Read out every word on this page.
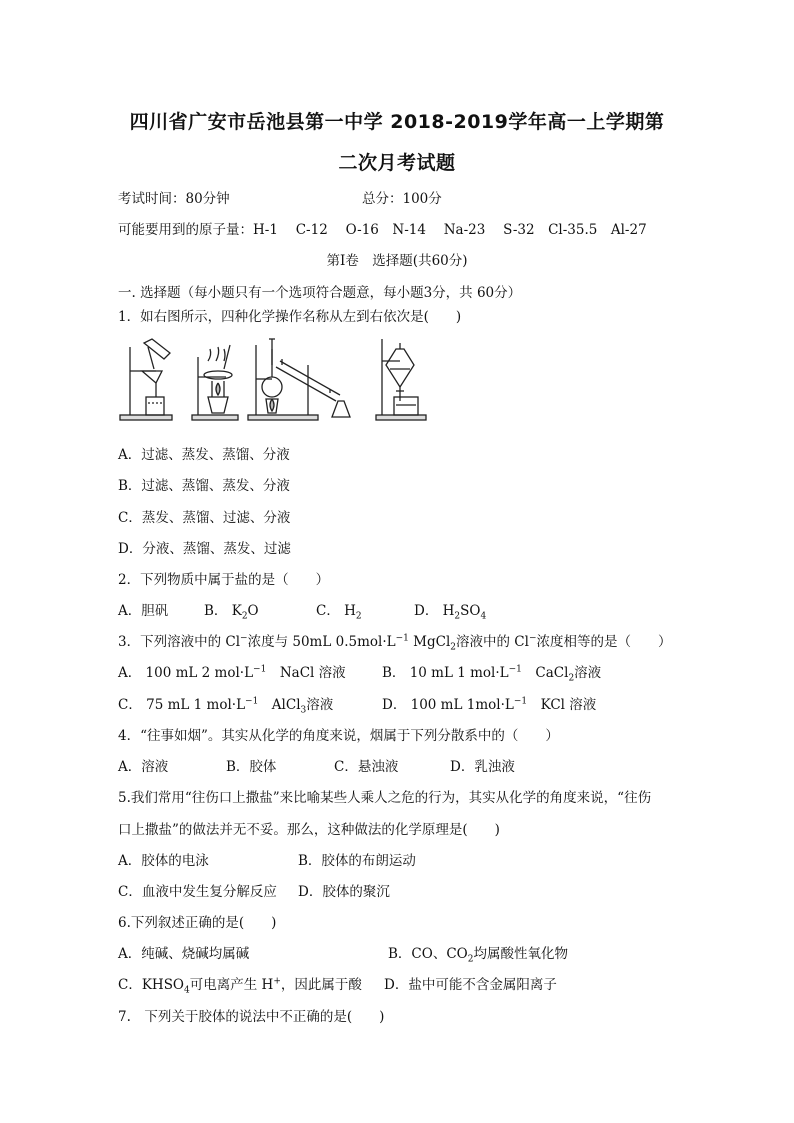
四川省广安市岳池县第一中学 2018-2019学年高一上学期第
二次月考试题
考试时间：80分钟	总分：100分
可能要用到的原子量：H-1　 C-12　 O-16　N-14　 Na-23　 S-32　Cl-35.5　Al-27
第Ⅰ卷　选择题(共60分)
一. 选择题（每小题只有一个选项符合题意，每小题3分，共 60分）
1．如右图所示，四种化学操作名称从左到右依次是(　　)
A．过滤、蒸发、蒸馏、分液
B．过滤、蒸馏、蒸发、分液
C．蒸发、蒸馏、过滤、分液
D．分液、蒸馏、蒸发、过滤
2．下列物质中属于盐的是（　　）
A．胆矾	B． $K_2O$	C． $H_2$	D． $H_2SO_4$
3．下列溶液中的 Cl−浓度与 50mL $0.5mol\cdot L^{-1}$ MgCl$_2$溶液中的 Cl−浓度相等的是（　　）
A． 100 mL 2 $mol\cdot L^{-1}$　NaCl 溶液	B． 10 mL 1 $mol\cdot L^{-1}$　CaCl$_2$溶液
C． 75 mL 1 $mol\cdot L^{-1}$　AlCl$_3$溶液	D． 100 mL $1mol\cdot L^{-1}$　KCl 溶液
4．“往事如烟”。其实从化学的角度来说，烟属于下列分散系中的（　　）
A．溶液	B．胶体	C．悬浊液	D．乳浊液
5.我们常用“往伤口上撒盐”来比喻某些人乘人之危的行为，其实从化学的角度来说，“往伤
口上撒盐”的做法并无不妥。那么，这种做法的化学原理是(　　)
A．胶体的电泳	B．胶体的布朗运动
C．血液中发生复分解反应 D．胶体的聚沉
6.下列叙述正确的是(　　)
A．纯碱、烧碱均属碱	B．CO、$CO_2$均属酸性氧化物
C．$KHSO_4$可电离产生 H+，因此属于酸 D．盐中可能不含金属阳离子
7.　下列关于胶体的说法中不正确的是(　　)
